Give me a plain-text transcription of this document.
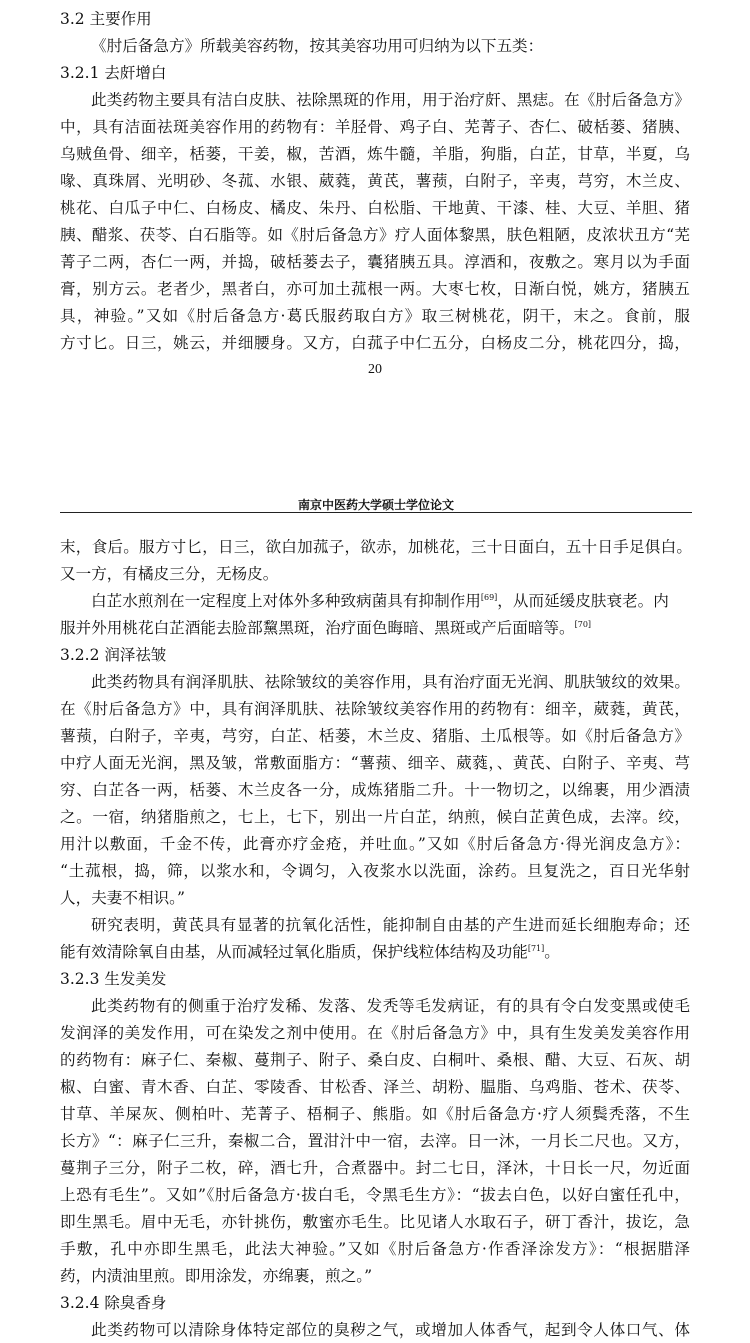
3.2 主要作用
《肘后备急方》所载美容药物，按其美容功用可归纳为以下五类：
3.2.1 去皯增白
此类药物主要具有洁白皮肤、祛除黑斑的作用，用于治疗皯、黑痣。在《肘后备急方》
中，具有洁面祛斑美容作用的药物有：羊胫骨、鸡子白、芜菁子、杏仁、破栝蒌、猪胰、
乌贼鱼骨、细辛，栝蒌，干姜，椒，苦酒，炼牛髓，羊脂，狗脂，白芷，甘草，半夏，乌
喙、真珠屑、光明砂、冬菰、水银、葳蕤，黄芪，薯蓣，白附子，辛夷，芎穷，木兰皮、
桃花、白瓜子中仁、白杨皮、橘皮、朱丹、白松脂、干地黄、干漆、桂、大豆、羊胆、猪
胰、醋浆、茯苓、白石脂等。如《肘后备急方》疗人面体黎黑，肤色粗陋，皮浓状丑方“芜
菁子二两，杏仁一两，并捣，破栝蒌去子，囊猪胰五具。淳酒和，夜敷之。寒月以为手面
膏，别方云。老者少，黑者白，亦可加土菰根一两。大枣七枚，日渐白悦，姚方，猪胰五
具，神验。”又如《肘后备急方·葛氏服药取白方》取三树桃花，阴干，末之。食前，服
方寸匕。日三，姚云，并细腰身。又方，白菰子中仁五分，白杨皮二分，桃花四分，捣，
20
南京中医药大学硕士学位论文
末，食后。服方寸匕，日三，欲白加菰子，欲赤，加桃花，三十日面白，五十日手足俱白。
又一方，有橘皮三分，无杨皮。
白芷水煎剂在一定程度上对体外多种致病菌具有抑制作用[69]，从而延缓皮肤衰老。内
服并外用桃花白芷酒能去脸部黧黑斑，治疗面色晦暗、黑斑或产后面暗等。[70]
3.2.2 润泽祛皱
此类药物具有润泽肌肤、祛除皱纹的美容作用，具有治疗面无光润、肌肤皱纹的效果。
在《肘后备急方》中，具有润泽肌肤、祛除皱纹美容作用的药物有：细辛，葳蕤，黄芪，
薯蓣，白附子，辛夷，芎穷，白芷、栝蒌，木兰皮、猪脂、土瓜根等。如《肘后备急方》
中疗人面无光润，黑及皱，常敷面脂方：“薯蓣、细辛、葳蕤，、黄芪、白附子、辛夷、芎
穷、白芷各一两，栝蒌、木兰皮各一分，成炼猪脂二升。十一物切之，以绵裹，用少酒渍
之。一宿，纳猪脂煎之，七上，七下，别出一片白芷，纳煎，候白芷黄色成，去滓。绞，
用汁以敷面，千金不传，此膏亦疗金疮，并吐血。”又如《肘后备急方·得光润皮急方》：
“土菰根，捣，筛，以浆水和，令调匀，入夜浆水以洗面，涂药。旦复洗之，百日光华射
人，夫妻不相识。”
研究表明，黄芪具有显著的抗氧化活性，能抑制自由基的产生进而延长细胞寿命；还
能有效清除氧自由基，从而减轻过氧化脂质，保护线粒体结构及功能[71]。
3.2.3 生发美发
此类药物有的侧重于治疗发稀、发落、发秃等毛发病证，有的具有令白发变黑或使毛
发润泽的美发作用，可在染发之剂中使用。在《肘后备急方》中，具有生发美发美容作用
的药物有：麻子仁、秦椒、蔓荆子、附子、桑白皮、白桐叶、桑根、醋、大豆、石灰、胡
椒、白蜜、青木香、白芷、零陵香、甘松香、泽兰、胡粉、腽脂、乌鸡脂、苍术、茯苓、
甘草、羊屎灰、侧柏叶、芜菁子、梧桐子、熊脂。如《肘后备急方·疗人须鬓秃落，不生
长方》“：麻子仁三升，秦椒二合，置泔汁中一宿，去滓。日一沐，一月长二尺也。又方，
蔓荆子三分，附子二枚，碎，酒七升，合煮器中。封二七日，泽沐，十日长一尺，勿近面
上恐有毛生”。又如”《肘后备急方·拔白毛，令黑毛生方》：“拔去白色，以好白蜜任孔中，
即生黑毛。眉中无毛，亦针挑伤，敷蜜亦毛生。比见诸人水取石子，研丁香汁，拔讫，急
手敷，孔中亦即生黑毛，此法大神验。”又如《肘后备急方·作香泽涂发方》：“根据腊泽
药，内渍油里煎。即用涂发，亦绵裹，煎之。”
3.2.4 除臭香身
此类药物可以清除身体特定部位的臭秽之气，或增加人体香气，起到令人体口气、体
